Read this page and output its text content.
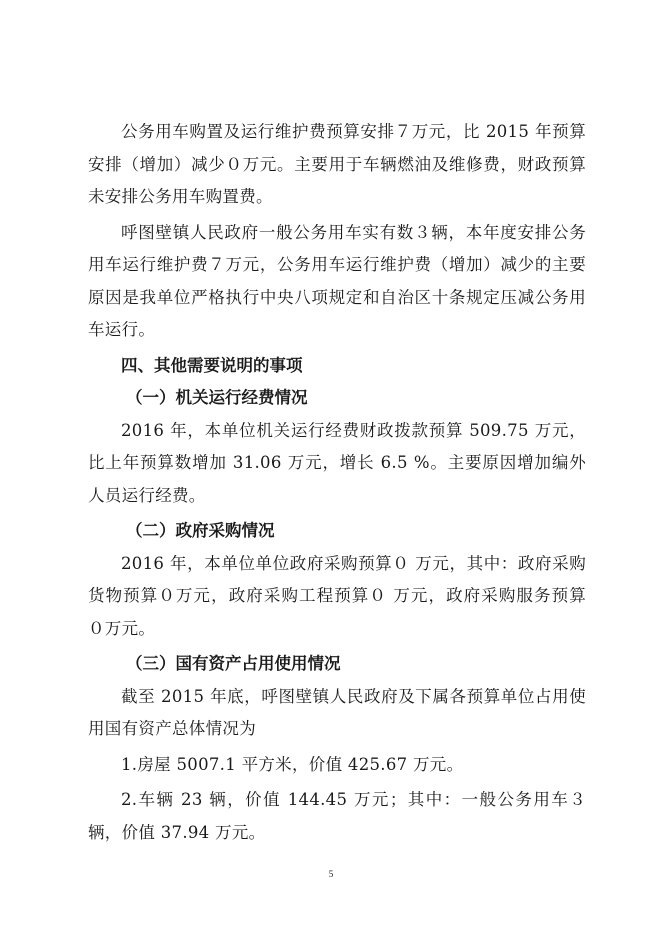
公务用车购置及运行维护费预算安排７万元，比 2015 年预算安排（增加）减少０万元。主要用于车辆燃油及维修费，财政预算未安排公务用车购置费。

呼图壁镇人民政府一般公务用车实有数３辆，本年度安排公务用车运行维护费７万元，公务用车运行维护费（增加）减少的主要原因是我单位严格执行中央八项规定和自治区十条规定压减公务用车运行。

四、其他需要说明的事项

（一）机关运行经费情况

2016 年，本单位机关运行经费财政拨款预算 509.75 万元，比上年预算数增加 31.06 万元，增长 6.5 %。主要原因增加编外人员运行经费。

（二）政府采购情况

2016 年，本单位单位政府采购预算０ 万元，其中：政府采购货物预算０万元，政府采购工程预算０ 万元，政府采购服务预算 ０万元。

（三）国有资产占用使用情况

截至 2015 年底，呼图壁镇人民政府及下属各预算单位占用使用国有资产总体情况为

1.房屋 5007.1 平方米，价值 425.67 万元。

2.车辆 23 辆，价值 144.45 万元；其中：一般公务用车３辆，价值 37.94 万元。

5
